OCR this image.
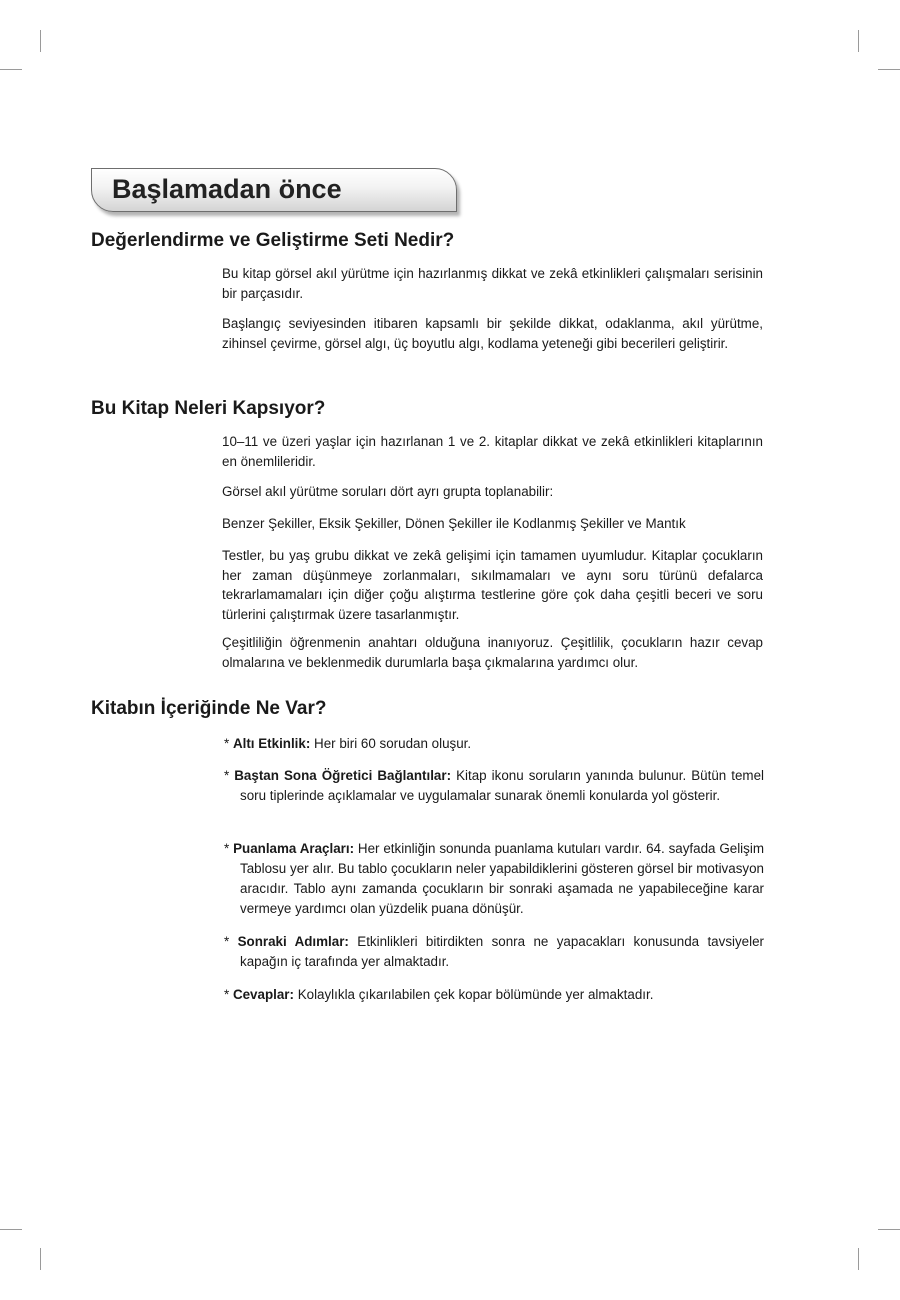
Başlamadan önce
Değerlendirme ve Geliştirme Seti Nedir?

Bu kitap görsel akıl yürütme için hazırlanmış dikkat ve zekâ etkinlikleri çalışmaları serisinin bir parçasıdır.

Başlangıç seviyesinden itibaren kapsamlı bir şekilde dikkat, odaklanma, akıl yürütme, zihinsel çevirme, görsel algı, üç boyutlu algı, kodlama yeteneği gibi becerileri geliştirir.

Bu Kitap Neleri Kapsıyor?

10–11 ve üzeri yaşlar için hazırlanan 1 ve 2. kitaplar dikkat ve zekâ etkinlikleri kitaplarının en önemlileridir.

Görsel akıl yürütme soruları dört ayrı grupta toplanabilir:

Benzer Şekiller, Eksik Şekiller, Dönen Şekiller ile Kodlanmış Şekiller ve Mantık

Testler, bu yaş grubu dikkat ve zekâ gelişimi için tamamen uyumludur. Kitaplar çocukların her zaman düşünmeye zorlanmaları, sıkılmamaları ve aynı soru türünü defalarca tekrarlamamaları için diğer çoğu alıştırma testlerine göre çok daha çeşitli beceri ve soru türlerini çalıştırmak üzere tasarlanmıştır.

Çeşitliliğin öğrenmenin anahtarı olduğuna inanıyoruz. Çeşitlilik, çocukların hazır cevap olmalarına ve beklenmedik durumlarla başa çıkmalarına yardımcı olur.

Kitabın İçeriğinde Ne Var?

* Altı Etkinlik: Her biri 60 sorudan oluşur.

* Baştan Sona Öğretici Bağlantılar: Kitap ikonu soruların yanında bulunur. Bütün temel soru tiplerinde açıklamalar ve uygulamalar sunarak önemli konularda yol gösterir.

* Puanlama Araçları: Her etkinliğin sonunda puanlama kutuları vardır. 64. sayfada Gelişim Tablosu yer alır. Bu tablo çocukların neler yapabildiklerini gösteren görsel bir motivasyon aracıdır. Tablo aynı zamanda çocukların bir sonraki aşamada ne yapabileceğine karar vermeye yardımcı olan yüzdelik puana dönüşür.

* Sonraki Adımlar: Etkinlikleri bitirdikten sonra ne yapacakları konusunda tavsiyeler kapağın iç tarafında yer almaktadır.

* Cevaplar: Kolaylıkla çıkarılabilen çek kopar bölümünde yer almaktadır.
